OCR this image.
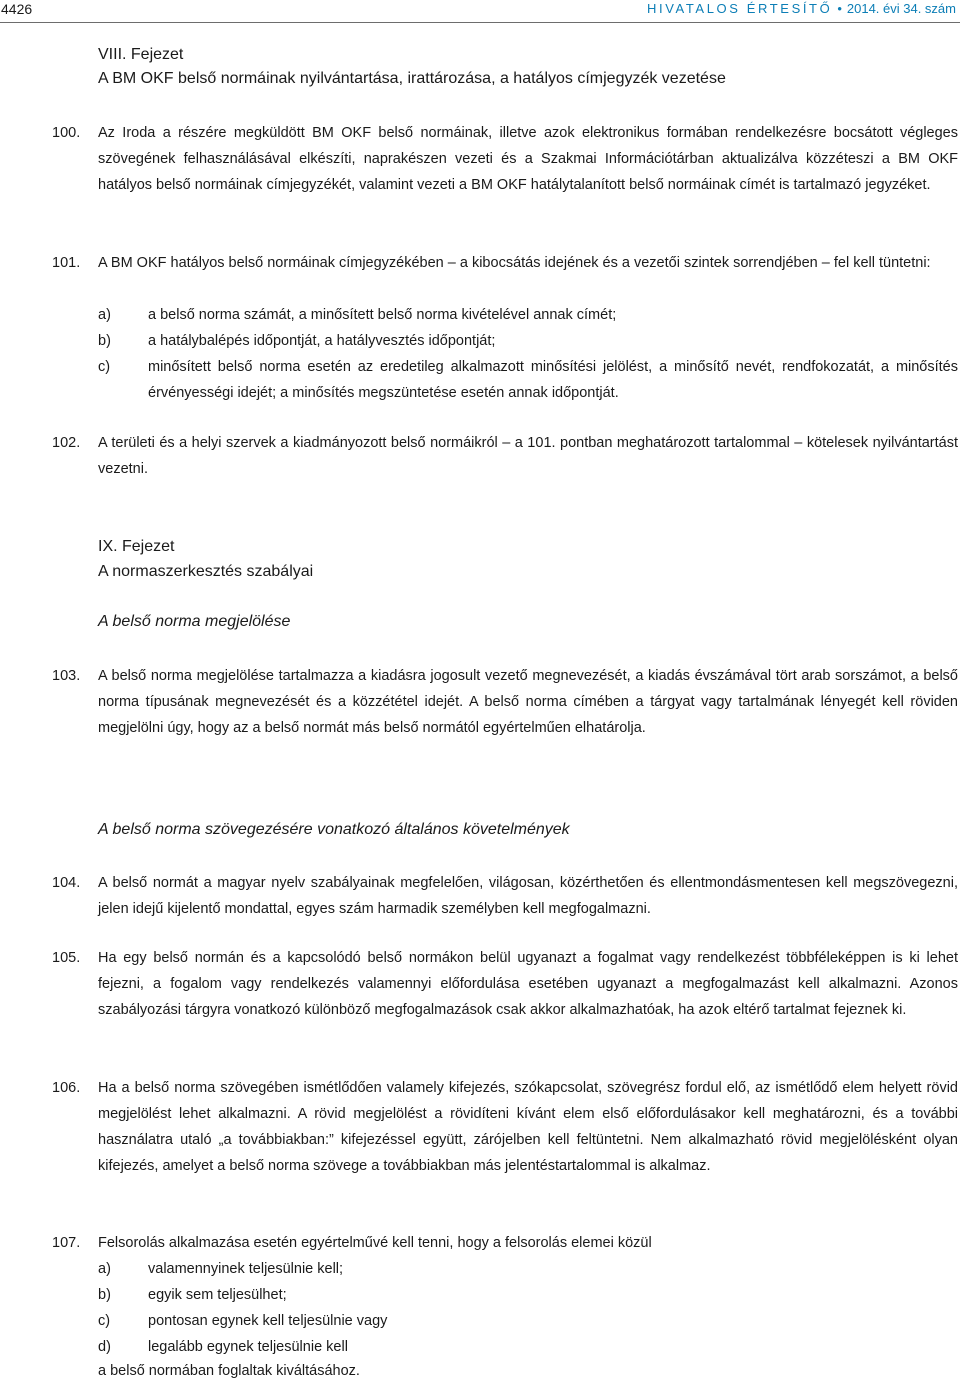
4426	HIVATALOS ÉRTESÍTŐ • 2014. évi 34. szám
VIII. Fejezet
A BM OKF belső normáinak nyilvántartása, irattározása, a hatályos címjegyzék vezetése
100. Az Iroda a részére megküldött BM OKF belső normáinak, illetve azok elektronikus formában rendelkezésre bocsátott végleges szövegének felhasználásával elkészíti, naprakészen vezeti és a Szakmai Információtárban aktualizálva közzéteszi a BM OKF hatályos belső normáinak címjegyzékét, valamint vezeti a BM OKF hatálytalanított belső normáinak címét is tartalmazó jegyzéket.
101. A BM OKF hatályos belső normáinak címjegyzékében – a kibocsátás idejének és a vezetői szintek sorrendjében – fel kell tüntetni:
a)	a belső norma számát, a minősített belső norma kivételével annak címét;
b)	a hatálybalépés időpontját, a hatályvesztés időpontját;
c)	minősített belső norma esetén az eredetileg alkalmazott minősítési jelölést, a minősítő nevét, rendfokozatát, a minősítés érvényességi idejét; a minősítés megszüntetése esetén annak időpontját.
102. A területi és a helyi szervek a kiadmányozott belső normáikról – a 101. pontban meghatározott tartalommal – kötelesek nyilvántartást vezetni.
IX. Fejezet
A normaszerkesztés szabályai
A belső norma megjelölése
103. A belső norma megjelölése tartalmazza a kiadásra jogosult vezető megnevezését, a kiadás évszámával tört arab sorszámot, a belső norma típusának megnevezését és a közzététel idejét. A belső norma címében a tárgyat vagy tartalmának lényegét kell röviden megjelölni úgy, hogy az a belső normát más belső normától egyértelműen elhatárolja.
A belső norma szövegezésére vonatkozó általános követelmények
104. A belső normát a magyar nyelv szabályainak megfelelően, világosan, közérthetően és ellentmondásmentesen kell megszövegezni, jelen idejű kijelentő mondattal, egyes szám harmadik személyben kell megfogalmazni.
105. Ha egy belső normán és a kapcsolódó belső normákon belül ugyanazt a fogalmat vagy rendelkezést többféleképpen is ki lehet fejezni, a fogalom vagy rendelkezés valamennyi előfordulása esetében ugyanazt a megfogalmazást kell alkalmazni. Azonos szabályozási tárgyra vonatkozó különböző megfogalmazások csak akkor alkalmazhatóak, ha azok eltérő tartalmat fejeznek ki.
106. Ha a belső norma szövegében ismétlődően valamely kifejezés, szókapcsolat, szövegrész fordul elő, az ismétlődő elem helyett rövid megjelölést lehet alkalmazni. A rövid megjelölést a rövidíteni kívánt elem első előfordulásakor kell meghatározni, és a további használatra utaló „a továbbiakban:” kifejezéssel együtt, zárójelben kell feltüntetni. Nem alkalmazható rövid megjelölésként olyan kifejezés, amelyet a belső norma szövege a továbbiakban más jelentéstartalommal is alkalmaz.
107. Felsorolás alkalmazása esetén egyértelművé kell tenni, hogy a felsorolás elemei közül
a)	valamennyinek teljesülnie kell;
b)	egyik sem teljesülhet;
c)	pontosan egynek kell teljesülnie vagy
d)	legalább egynek teljesülnie kell
a belső normában foglaltak kiváltásához.
